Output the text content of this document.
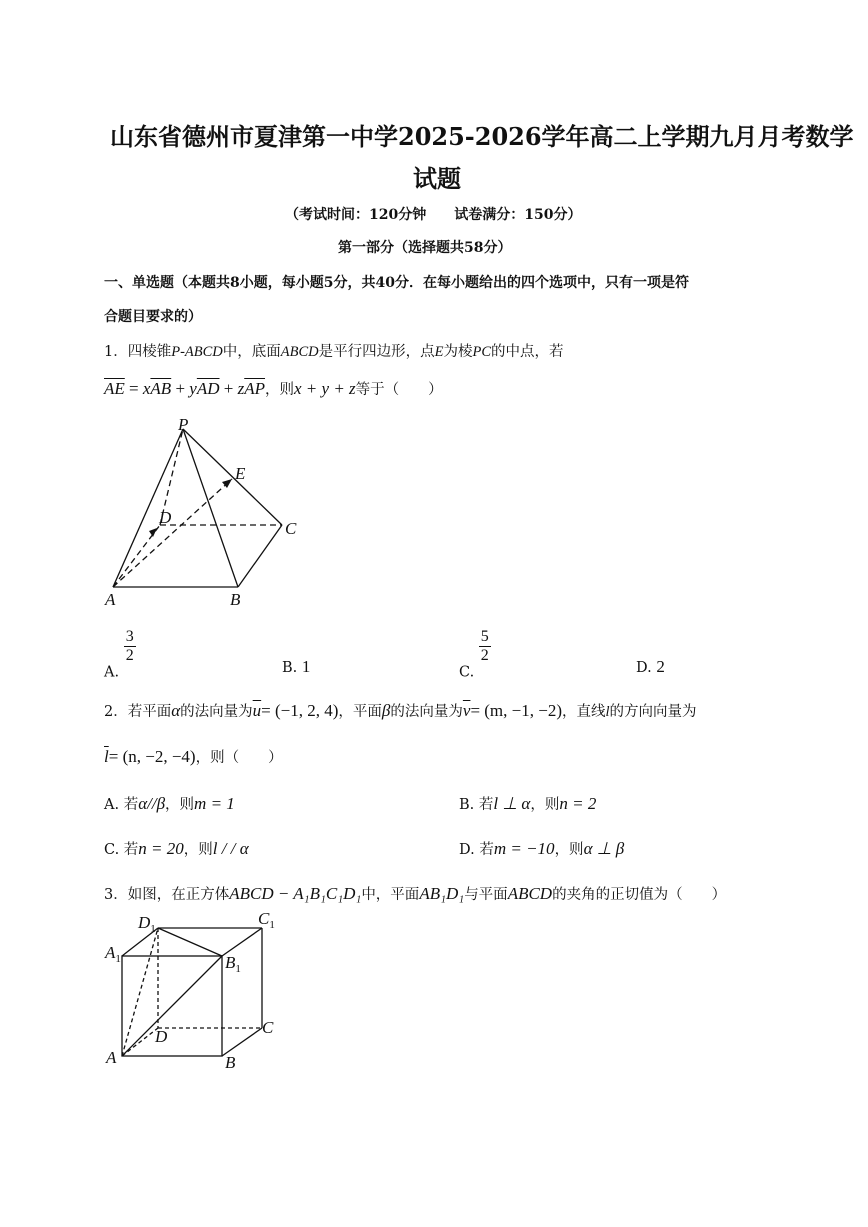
山东省德州市夏津第一中学2025-2026学年高二上学期九月月考数学
试题
（考试时间：120分钟　　试卷满分：150分）
第一部分（选择题共58分）
一、单选题（本题共8小题，每小题5分，共40分．在每小题给出的四个选项中，只有一项是符
合题目要求的）
1．四棱锥P-ABCD中，底面ABCD是平行四边形，点E为棱PC的中点，若
$\overline{AE} = x\overline{AB} + y\overline{AD} + z\overline{AP}$，则x + y + z等于（　　）
P
E
D
C
A	B
A.
$\frac{3}{2}$
B. 1	C.
$\frac{5}{2}$
D. 2
2．若平面α的法向量为$\overline{u}= (-1$, 2, 4)，平面β的法向量为$\overline{v}= (m$, −1, −2)，直线l的方向向量为
$\overline{l}= (n$, −2, −4)，则（　　）
A. 若α//β，则m = 1	B. 若l ⊥ α，则n = 2
C. 若n = 20，则l / / α	D. 若m = −10，则α ⊥ β
3．如图，在正方体ABCD − A₁B₁C₁D₁中，平面AB₁D₁与平面ABCD的夹角的正切值为（　　）
$D_1$
$C_1$
$A_1$	$B_1$
C
D
A	B
